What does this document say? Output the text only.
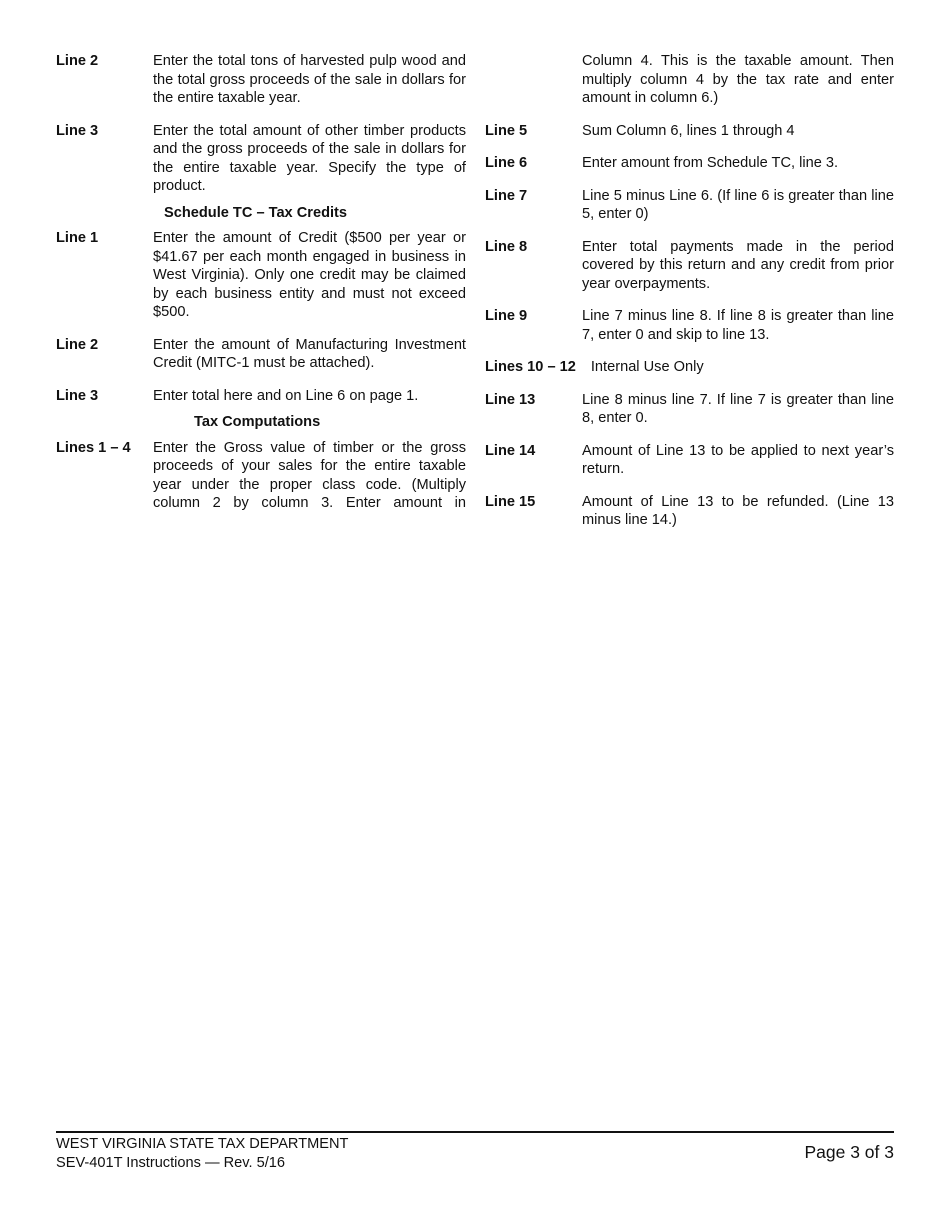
Line 2	Enter the total tons of harvested pulp wood and the total gross proceeds of the sale in dollars for the entire taxable year.
Line 3	Enter the total amount of other timber products and the gross proceeds of the sale in dollars for the entire taxable year. Specify the type of product.
Schedule TC – Tax Credits
Line 1	Enter the amount of Credit ($500 per year or $41.67 per each month engaged in business in West Virginia). Only one credit may be claimed by each business entity and must not exceed $500.
Line 2	Enter the amount of Manufacturing Investment Credit (MITC-1 must be attached).
Line 3	Enter total here and on Line 6 on page 1.
Tax Computations
Lines 1 – 4	Enter the Gross value of timber or the gross proceeds of your sales for the entire taxable year under the proper class code. (Multiply column 2 by column 3. Enter amount in
Column 4. This is the taxable amount. Then multiply column 4 by the tax rate and enter amount in column 6.)
Line 5	Sum Column 6, lines 1 through 4
Line 6	Enter amount from Schedule TC, line 3.
Line 7	Line 5 minus Line 6. (If line 6 is greater than line 5, enter 0)
Line 8	Enter total payments made in the period covered by this return and any credit from prior year overpayments.
Line 9	Line 7 minus line 8. If line 8 is greater than line 7, enter 0 and skip to line 13.
Lines 10 – 12 Internal Use Only
Line 13	Line 8 minus line 7. If line 7 is greater than line 8, enter 0.
Line 14	Amount of Line 13 to be applied to next year’s return.
Line 15	Amount of Line 13 to be refunded. (Line 13 minus line 14.)
WEST VIRGINIA STATE TAX DEPARTMENT
SEV-401T Instructions — Rev. 5/16
Page 3 of 3
